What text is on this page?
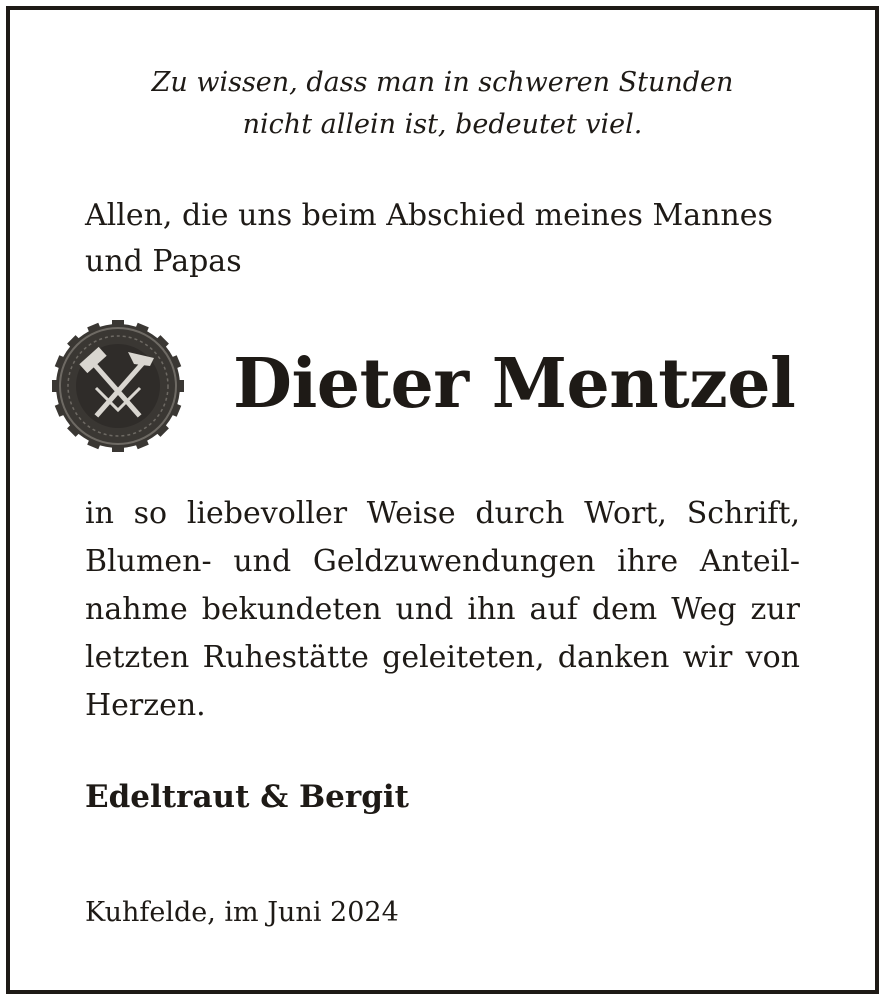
Zu wissen, dass man in schweren Stunden
nicht allein ist, bedeutet viel.
Allen, die uns beim Abschied meines Mannes
und Papas
Dieter Mentzel
in so liebevoller Weise durch Wort, Schrift,
Blumen- und Geldzuwendungen ihre Anteil-
nahme bekundeten und ihn auf dem Weg zur
letzten Ruhestätte geleiteten, danken wir von
Herzen.
Edeltraut & Bergit
Kuhfelde, im Juni 2024
